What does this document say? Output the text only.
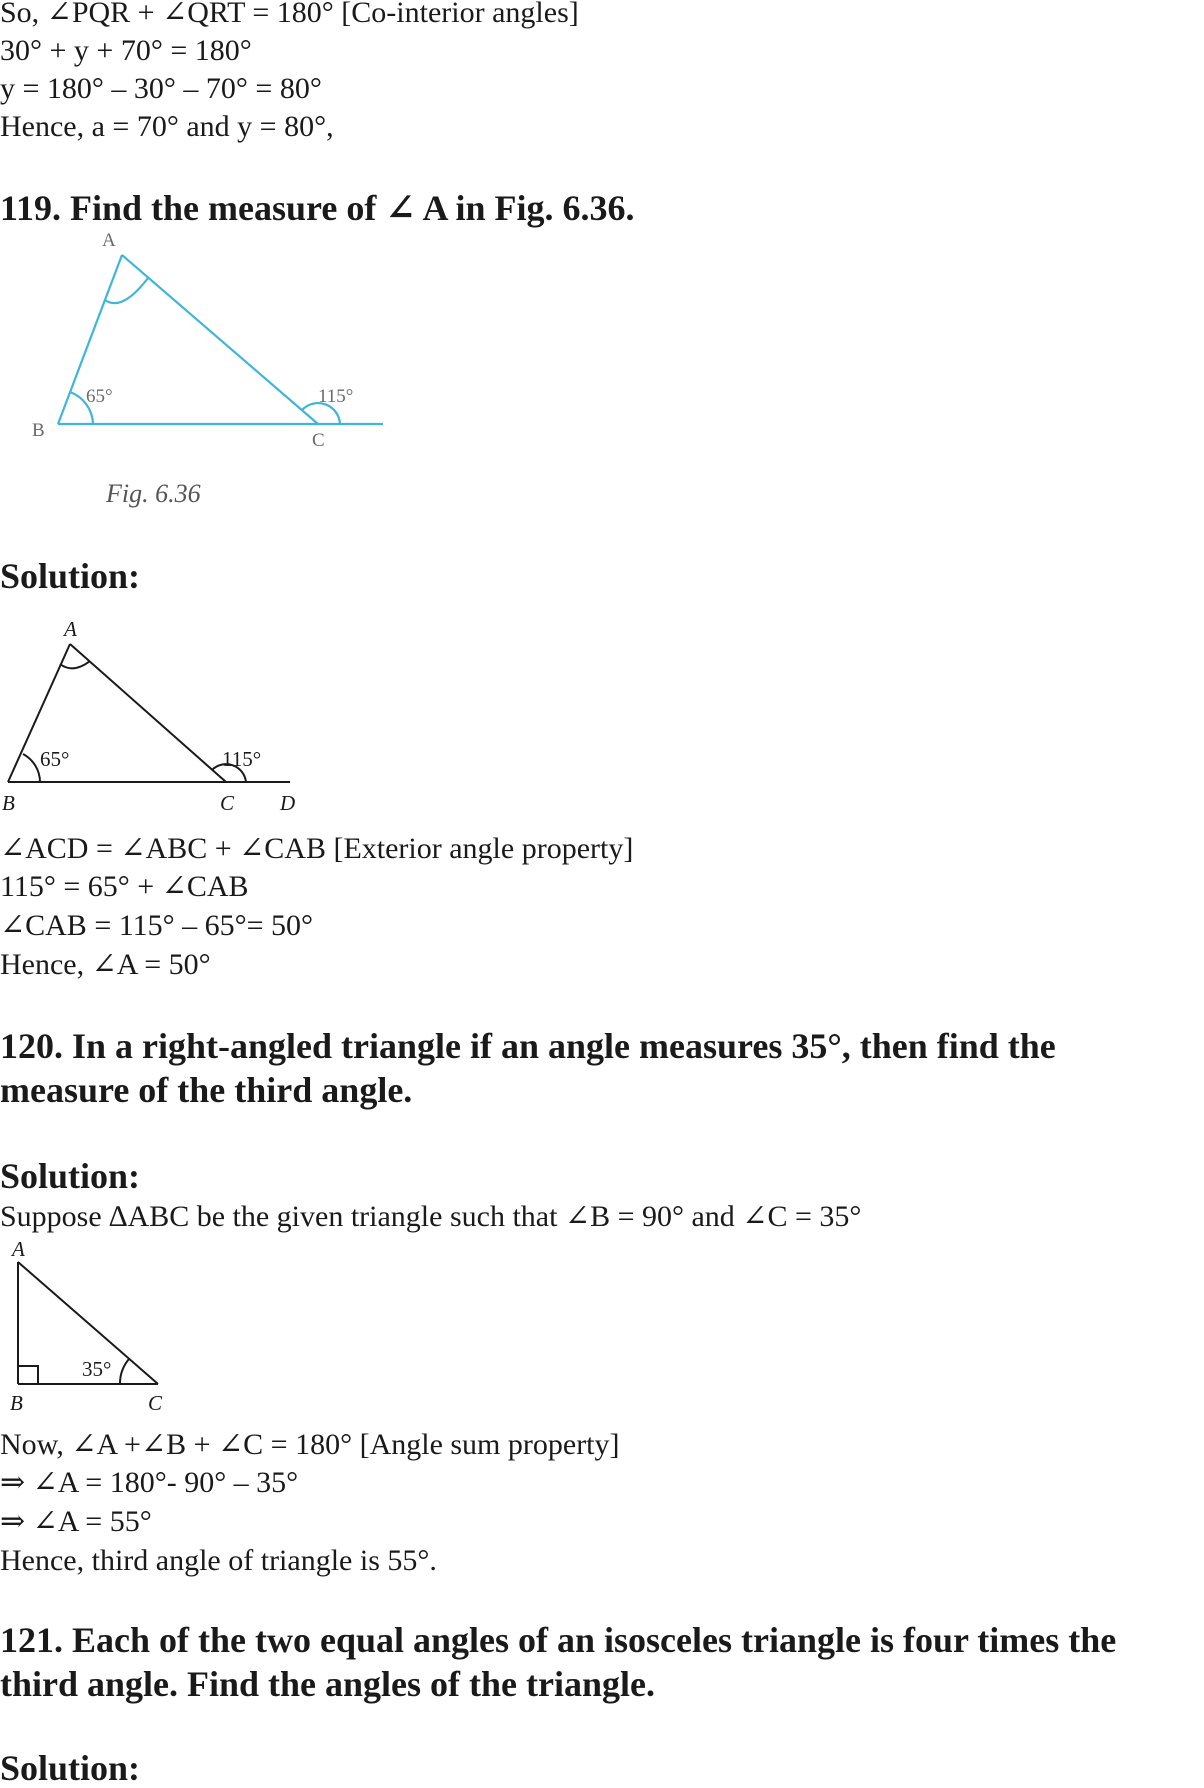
So, ∠PQR + ∠QRT = 180° [Co-interior angles]
30° + y + 70° = 180°
y = 180° – 30° – 70° = 80°
Hence, a = 70° and y = 80°,
119. Find the measure of ∠ A in Fig. 6.36.
A
B	C
65°	115°
Fig. 6.36
Solution:
A
B	C D
65°	115°
∠ACD = ∠ABC + ∠CAB [Exterior angle property]
115° = 65° + ∠CAB
∠CAB = 115° – 65°= 50°
Hence, ∠A = 50°
120. In a right-angled triangle if an angle measures 35°, then find the
measure of the third angle.
Solution:
Suppose ∆ABC be the given triangle such that ∠B = 90° and ∠C = 35°
A
B	C
35°
Now, ∠A +∠B + ∠C = 180° [Angle sum property]
⇒ ∠A = 180°- 90° – 35°
⇒ ∠A = 55°
Hence, third angle of triangle is 55°.
121. Each of the two equal angles of an isosceles triangle is four times the
third angle. Find the angles of the triangle.
Solution:
